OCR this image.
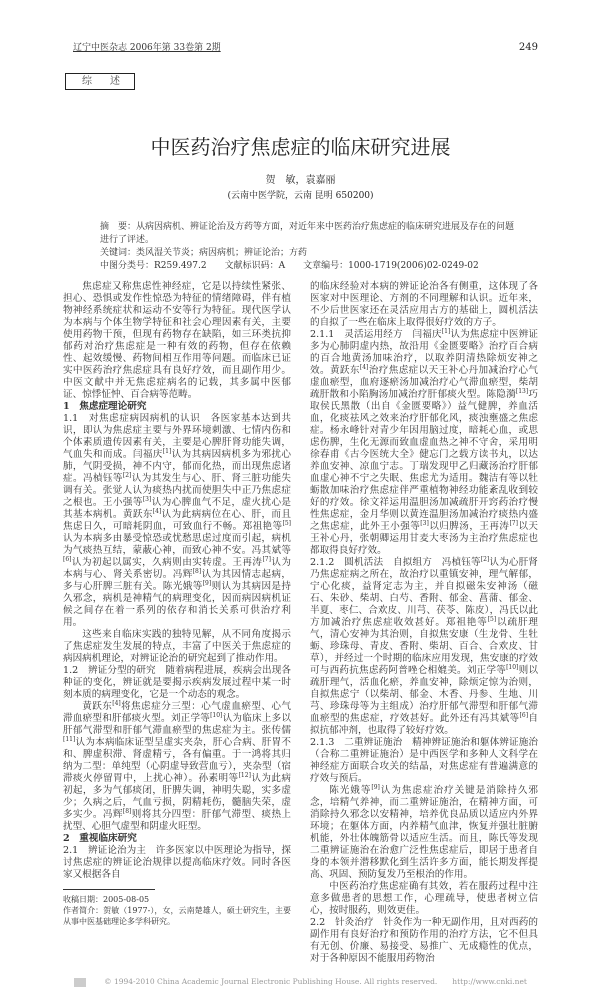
辽宁中医杂志 2006年第 33卷第 2期	249
综述
中医药治疗焦虑症的临床研究进展
贺　敏，袁嘉丽
(云南中医学院，云南 昆明 650200)
摘　要：从病因病机、辨证论治及方药等方面，对近年来中医药治疗焦虑症的临床研究进展及存在的问题进行了评述。
关键词：类风湿关节炎；病因病机；辨证论治；方药
中图分类号：R259.497.2　　文献标识码：A　　文章编号：1000-1719(2006)02-0249-02

焦虑症又称焦虑性神经症，它是以持续性紧张、担心、恐惧或发作性惊恐为特征的情绪障碍，伴有植物神经系统症状和运动不安等行为特征。现代医学认为本病与个体生物学特征和社会心理因素有关，主要使用药物干预，但现有药物存在缺陷，如三环类抗抑郁药对治疗焦虑症是一种有效的药物，但存在依赖性、起效缓慢、药物间相互作用等问题。而临床已证实中医药治疗焦虑症具有良好疗效，而且副作用少。中医文献中并无焦虑症病名的记载，其多属中医郁证、惊悸怔忡、百合病等范畴。

1　焦虑症理论研究

1.1　对焦虑症病因病机的认识　各医家基本达到共识，即认为焦虑症主要与外界环境刺激、七情内伤和个体素质遗传因素有关，主要是心脾肝肾功能失调，气血失和而成。闫福庆[1]认为其病因病机多为邪扰心肺，气阴受损，神不内守，郁而化热，而出现焦虑诸症。冯楨钰等[2]认为其发生与心、肝、肾三脏功能失调有关。张觉人认为痰热内扰而使胆失中正乃焦虑症之根也。王小强等[3]认为心脾血气不足，虚火扰心是其基本病机。黄跃东[4]认为此病病位在心、肝，而且焦虑日久，可暗耗阴血，可致血行不畅。郑祖艳等[5]认为本病多由暴受惊恐或忧愁思虑过度而引起，病机为气痰热互结，蒙蔽心神，而致心神不安。冯其斌等[6]认为初起以属实，久病则由实转虚。王再涛[7]认为本病与心、肾关系密切。冯辉[8]认为其因情志起病，多与心肝脾三脏有关。陈光娥等[9]则认为其病因是持久邪念，病机是神精气的病理变化，因而病因病机证候之间存在着一系列的依存和消长关系可供治疗利用。

这些来自临床实践的独特见解，从不同角度揭示了焦虑症发生发展的特点，丰富了中医关于焦虑症的病因病机理论，对辨证论治的研究起到了推动作用。

1.2　辨证分型的研究　随着病程进展，疾病会出现各种证的变化，辨证就是要揭示疾病发展过程中某一时刻本质的病理变化，它是一个动态的观念。

黄跃东[4]将焦虑症分三型：心气虚血瘀型、心气滞血瘀型和肝郁痰火型。刘正学等[10]认为临床上多以肝郁气滞型和肝郁气滞血瘀型的焦虑症为主。张传儒[11]认为本病临床证型呈虚实夹杂，肝心合病、肝胃不和、脾虚积滞、肾虚精亏，各有偏重。于一鸿将其归纳为二型：单纯型（心阴虚导致营血亏），夹杂型（宿滞痰火停留胃中，上扰心神）。孙素明等[12]认为此病初起，多为气郁痰闭，肝脾失调，神明失聪，实多虚少；久病之后，气血亏损，阴精耗伤，髓脑失荣，虚多实少。冯辉[8]则将其分四型：肝郁气滞型、痰热上扰型、心胆气虚型和阴虚火旺型。

2　重视临床研究

2.1　辨证论治为主　许多医家以中医理论为指导，探讨焦虑症的辨证论治规律以提高临床疗效。同时各医家又根据各自

收稿日期：2005-08-05
作者简介：贺敏（1977-），女，云南楚雄人，硕士研究生，主要从事中医基础理论多学科研究。

的临床经验对本病的辨证论治各有侧重，这体现了各医家对中医理论、方剂的不同理解和认识。近年来，不少后世医家还在灵活应用古方的基础上，圆机活法的自拟了一些在临床上取得很好疗效的方子。

2.1.1　灵活运用经方　闫福庆[1]认为焦虑症中医辨证多为心肺阴虚内热，故沿用《金匮要略》治疗百合病的百合地黄汤加味治疗，以取养阴清热除烦安神之效。黄跃东[4]治疗焦虑症以天王补心丹加减治疗心气虚血瘀型，血府逐瘀汤加减治疗心气滞血瘀型，柴胡疏肝散和小陷胸汤加减治疗肝郁痰火型。陈隐漪[13]巧取侯氏黑散（出自《金匮要略》）益气健脾，养血活血，化痰祛风之效来治疗肝郁化风，痰浊壅盛之焦虑症。杨永峰针对青少年因用脑过度，暗耗心血，或思虑伤脾，生化无源而致血虚血热之神不守舍，采用明　徐春甫《古今医统大全》健忘门之载方读书丸，以达养血安神、凉血宁志。丁瑞发现甲乙归藏汤治疗肝郁血虚心神不宁之失眠、焦虑尤为适用。魏洁有等以牡蛎散加味治疗焦虑症伴严重植物神经功能紊乱收到较好的疗效。徐文祥运用温胆汤加减疏肝开窍药治疗慢性焦虑症，金月华则以黄连温胆汤加减治疗痰热内盛之焦虑症，此外王小强等[3]以归脾汤，王再涛[7]以天王补心丹，张朝卿运用甘麦大枣汤为主治疗焦虑症也都取得良好疗效。

2.1.2　圆机活法　自拟组方　冯楨钰等[2]认为心肝肾乃焦虑症病之所在，故治疗以重镇安神，理气解郁，宁心化痰，益肾定志为主，并自拟磁朱安神汤（磁石、朱砂、柴胡、白芍、香附、郁金、菖蒲、郁金、半夏、枣仁、合欢皮、川芎、茯苓、陈皮），冯氏以此方加减治疗焦虑症收效甚好。郑祖艳等[5]以疏肝理气，清心安神为其治则，自拟焦安康（生龙骨、生牡蛎、珍珠母、青皮、香附、柴胡、百合、合欢皮、甘草），并经过一个时期的临床应用发现，焦安康的疗效可与西药抗焦虑药阿普唑仑相媲美。刘正学等[10]则以疏肝理气，活血化瘀，养血安神，除烦定惊为治则，自拟焦虑宁（以柴胡、郁金、木香、丹参、生地、川芎、珍珠母等为主组成）治疗肝郁气滞型和肝郁气滞血瘀型的焦虑症，疗效甚好。此外还有冯其斌等[6]自拟抗郁冲剂，也取得了较好疗效。

2.1.3　二重辨证施治　精神辨证施治和躯体辨证施治（合称二重辨证施治）是中西医学和多种人文科学在神经症方面联合攻关的结晶，对焦虑症有普遍满意的疗效与预后。

陈光娥等[9]认为焦虑症治疗关键是消除持久邪念，培精气养神，而二重辨证施治，在精神方面，可消除持久邪念以安精神，培养优良品质以适应内外界环境；在躯体方面，内养精气血津，恢复并强壮脏腑机能，外壮体魄筋骨以适应生活。而且，陈氏等发现二重辨证施治在治愈广泛性焦虑症后，即居于患者自身的本领并潜移默化到生活许多方面，能长期发挥提高、巩固、预防复发乃至根治的作用。

中医药治疗焦虑症确有其效，若在服药过程中注意多做患者的思想工作，心理疏导，使患者树立信心，按时服药，则效更佳。

2.2　针灸治疗　针灸作为一种无副作用，且对西药的副作用有良好治疗和预防作用的治疗方法，它不但具有无创、价廉、易接受、易推广、无成瘾性的优点，对于各种原因不能服用药物治

© 1994-2010 China Academic Journal Electronic Publishing House. All rights reserved.　　http://www.cnki.net
